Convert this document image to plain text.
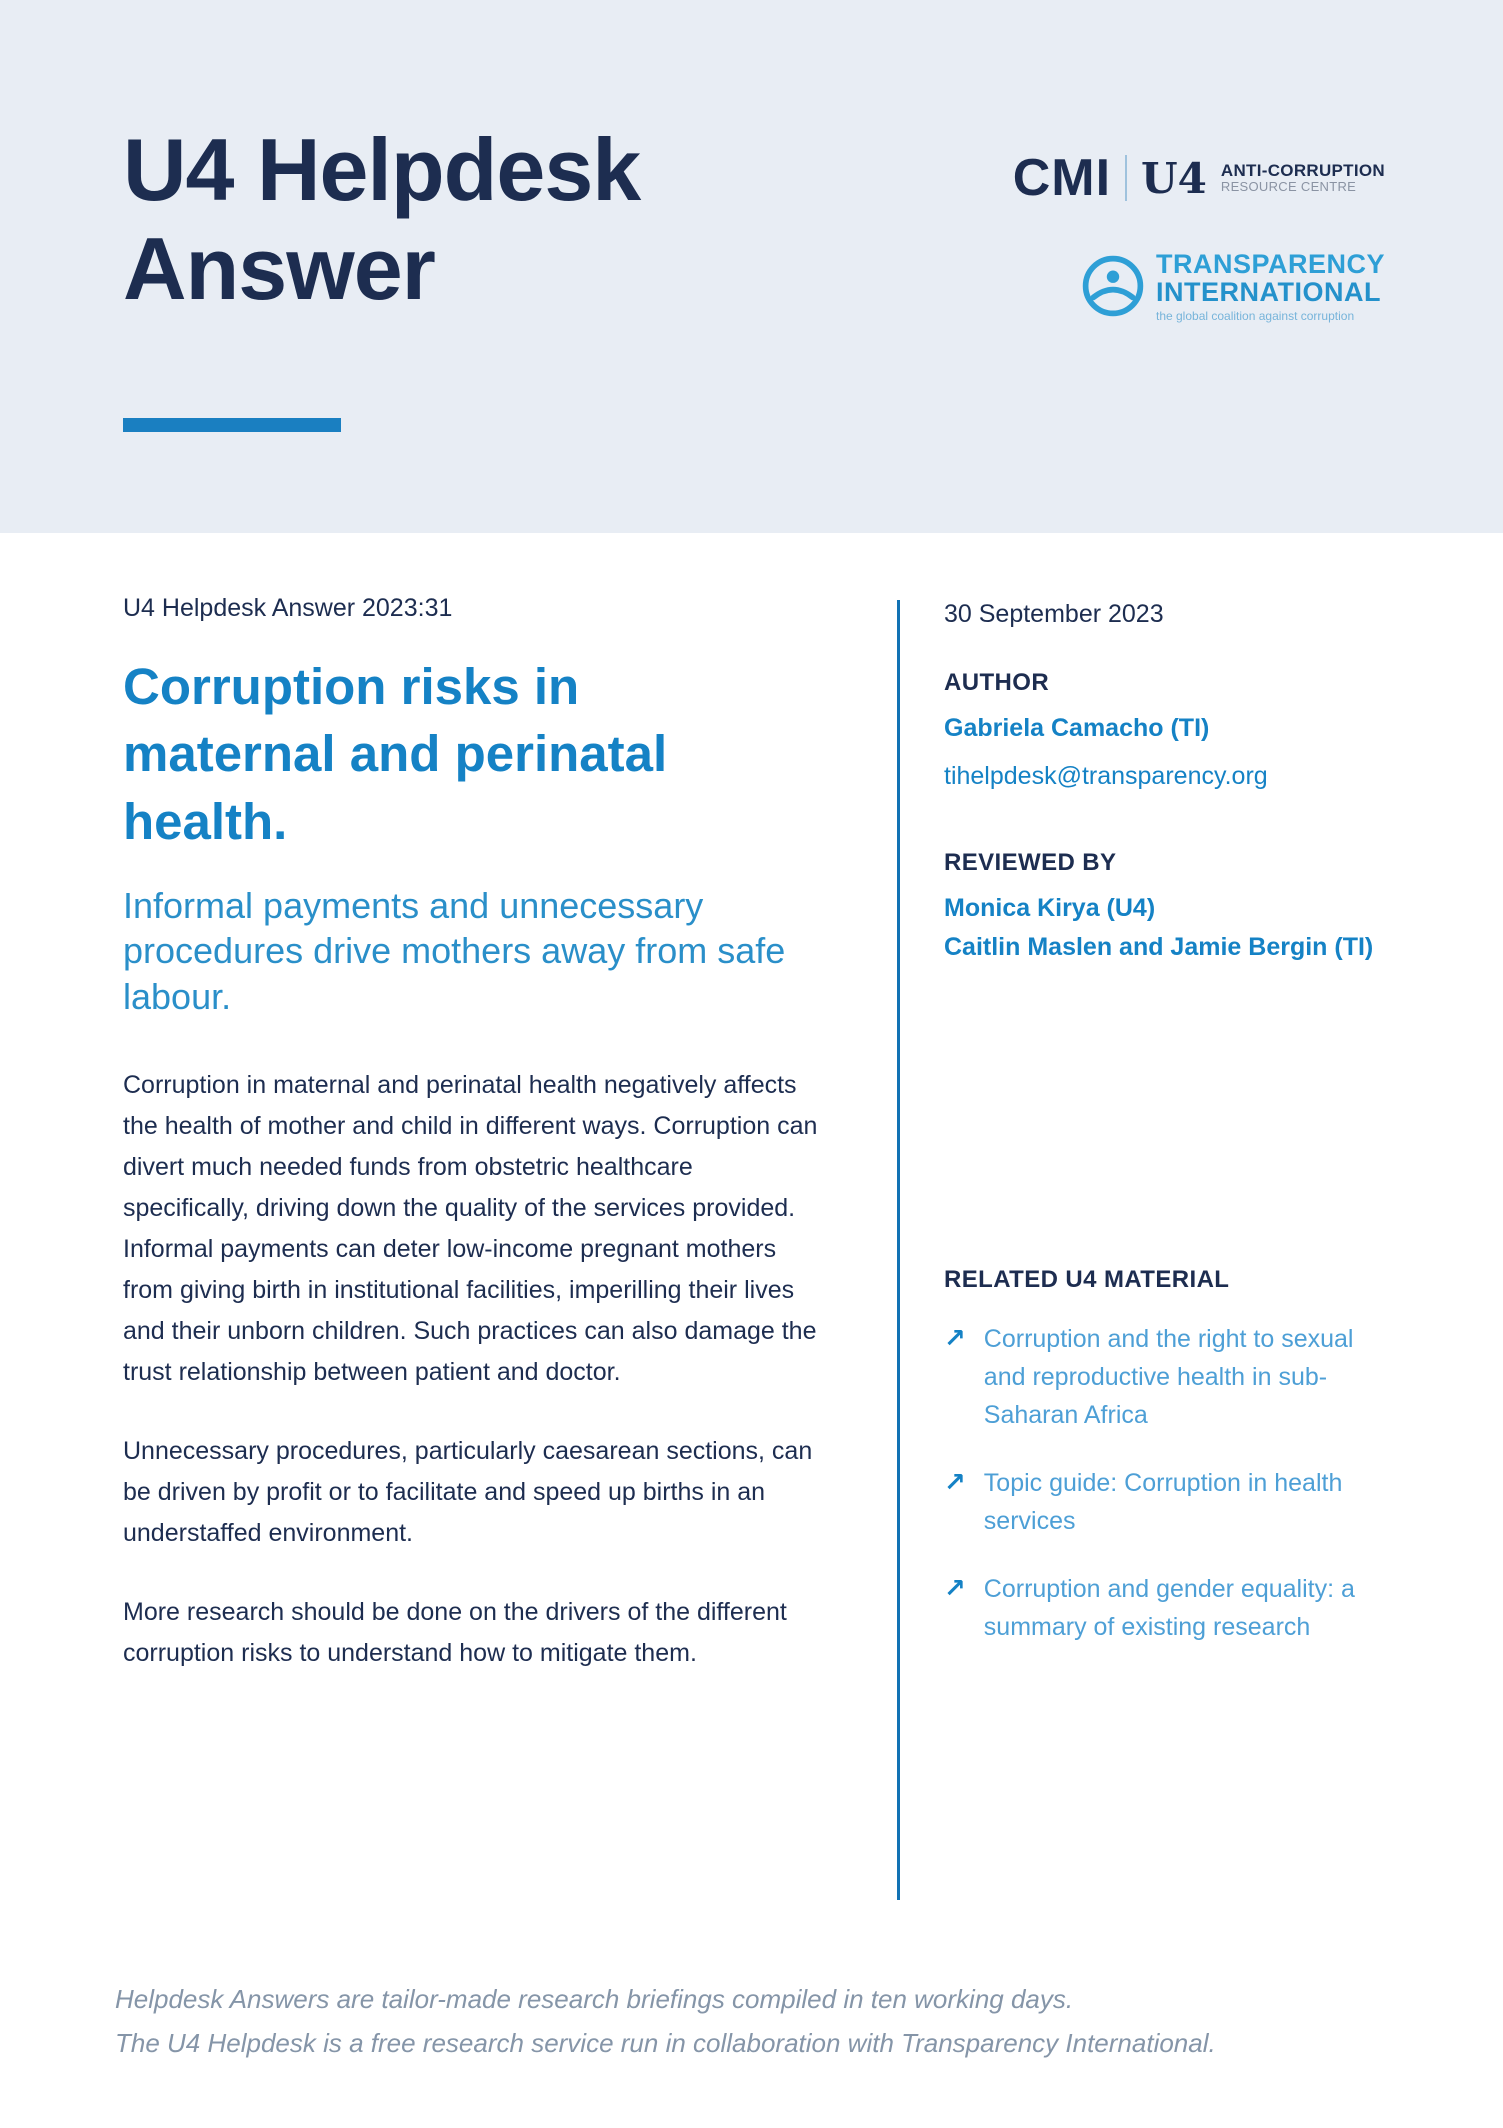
U4 Helpdesk Answer
CMI U4 ANTI-CORRUPTION
RESOURCE CENTRE
TRANSPARENCY
INTERNATIONAL
the global coalition against corruption
U4 Helpdesk Answer 2023:31
Corruption risks in maternal and perinatal health.
Informal payments and unnecessary procedures drive mothers away from safe labour.

Corruption in maternal and perinatal health negatively affects the health of mother and child in different ways. Corruption can divert much needed funds from obstetric healthcare specifically, driving down the quality of the services provided. Informal payments can deter low-income pregnant mothers from giving birth in institutional facilities, imperilling their lives and their unborn children. Such practices can also damage the trust relationship between patient and doctor.

Unnecessary procedures, particularly caesarean sections, can be driven by profit or to facilitate and speed up births in an understaffed environment.

More research should be done on the drivers of the different corruption risks to understand how to mitigate them.

30 September 2023
AUTHOR
Gabriela Camacho (TI)
tihelpdesk@transparency.org
REVIEWED BY
Monica Kirya (U4)
Caitlin Maslen and Jamie Bergin (TI)
RELATED U4 MATERIAL
↗ Corruption and the right to sexual and reproductive health in sub-Saharan Africa
↗ Topic guide: Corruption in health services
↗ Corruption and gender equality: a summary of existing research
Helpdesk Answers are tailor-made research briefings compiled in ten working days.
The U4 Helpdesk is a free research service run in collaboration with Transparency International.
